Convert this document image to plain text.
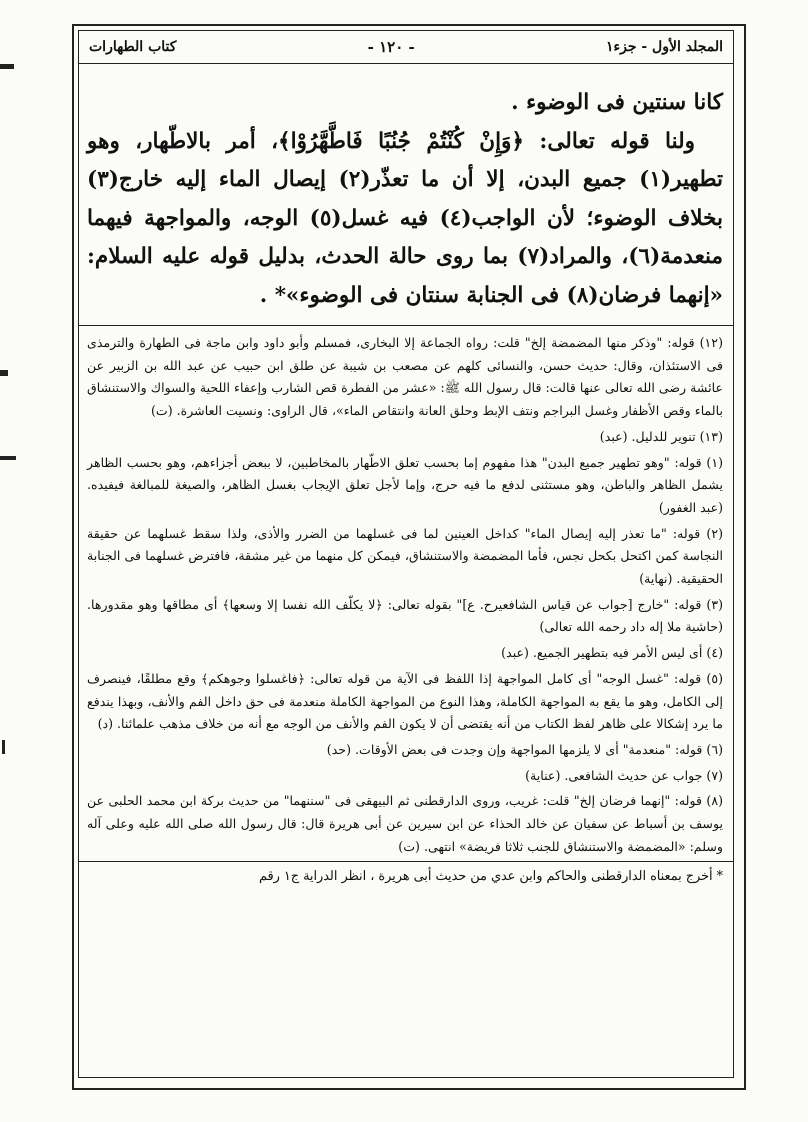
المجلد الأول - جزء١
- ١٢٠ -
كتاب الطهارات

كانا سنتين فى الوضوء .

ولنا قوله تعالى: ﴿وَإِنْ كُنْتُمْ جُنُبًا فَاطَّهَّرُوْا﴾، أمر بالاطّهار، وهو تطهير(١) جميع البدن، إلا أن ما تعذّر(٢) إيصال الماء إليه خارج(٣) بخلاف الوضوء؛ لأن الواجب(٤) فيه غسل(٥) الوجه، والمواجهة فيهما منعدمة(٦)، والمراد(٧) بما روى حالة الحدث، بدليل قوله عليه السلام: «إنهما فرضان(٨) فى الجنابة سنتان فى الوضوء»* .

(١٢) قوله: "وذكر منها المضمضة إلخ" قلت: رواه الجماعة إلا البخارى، فمسلم وأبو داود وابن ماجة فى الطهارة والترمذى فى الاستئذان، وقال: حديث حسن، والنسائى كلهم عن مصعب بن شيبة عن طلق ابن حبيب عن عبد الله بن الزبير عن عائشة رضى الله تعالى عنها قالت: قال رسول الله ﷺ: «عشر من الفطرة قص الشارب وإعفاء اللحية والسواك والاستنشاق بالماء وقص الأظفار وغسل البراجم ونتف الإبط وحلق العانة وانتقاص الماء»، قال الراوى: ونسيت العاشرة. (ت)

(١٣) تنوير للدليل. (عبد)

(١) قوله: "وهو تطهير جميع البدن" هذا مفهوم إما بحسب تعلق الاطّهار بالمخاطبين، لا ببعض أجزاءهم، وهو بحسب الظاهر يشمل الظاهر والباطن، وهو مستثنى لدفع ما فيه حرج، وإما لأجل تعلق الإيجاب بغسل الظاهر، والصيغة للمبالغة فيفيده. (عبد الغفور)

(٢) قوله: "ما تعذر إليه إيصال الماء" كداخل العينين لما فى غسلهما من الضرر والأذى، ولذا سقط غسلهما عن حقيقة النجاسة كمن اكتحل بكحل نجس، فأما المضمضة والاستنشاق، فيمكن كل منهما من غير مشقة، فافترض غسلهما فى الجنابة الحقيقية. (نهاية)

(٣) قوله: "خارج [جواب عن قياس الشافعيرح. ع]" بقوله تعالى: ﴿لا يكلّف الله نفسا إلا وسعها﴾ أى مطاقها وهو مقدورها. (حاشية ملا إله داد رحمه الله تعالى)

(٤) أى ليس الأمر فيه بتطهير الجميع. (عبد)

(٥) قوله: "غسل الوجه" أى كامل المواجهة إذا اللفظ فى الآية من قوله تعالى: ﴿فاغسلوا وجوهكم﴾ وقع مطلقًا، فينصرف إلى الكامل، وهو ما يقع به المواجهة الكاملة، وهذا النوع من المواجهة الكاملة منعدمة فى حق داخل الفم والأنف، وبهذا يندفع ما يرد إشكالا على ظاهر لفظ الكتاب من أنه يقتضى أن لا يكون الفم والأنف من الوجه مع أنه من خلاف مذهب علمائنا. (د)

(٦) قوله: "منعدمة" أى لا يلزمها المواجهة وإن وجدت فى بعض الأوقات. (حد)

(٧) جواب عن حديث الشافعى. (عناية)

(٨) قوله: "إنهما فرضان إلخ" قلت: غريب، وروى الدارقطنى ثم البيهقى فى "سننهما" من حديث بركة ابن محمد الحلبى عن يوسف بن أسباط عن سفيان عن خالد الحذاء عن ابن سيرين عن أبى هريرة قال: قال رسول الله صلى الله عليه وعلى آله وسلم: «المضمضة والاستنشاق للجنب ثلاثا فريضة» انتهى. (ت)

* أخرج بمعناه الدارقطنى والحاكم وابن عدي من حديث أبى هريرة ، انظر الدراية ج١ رقم
